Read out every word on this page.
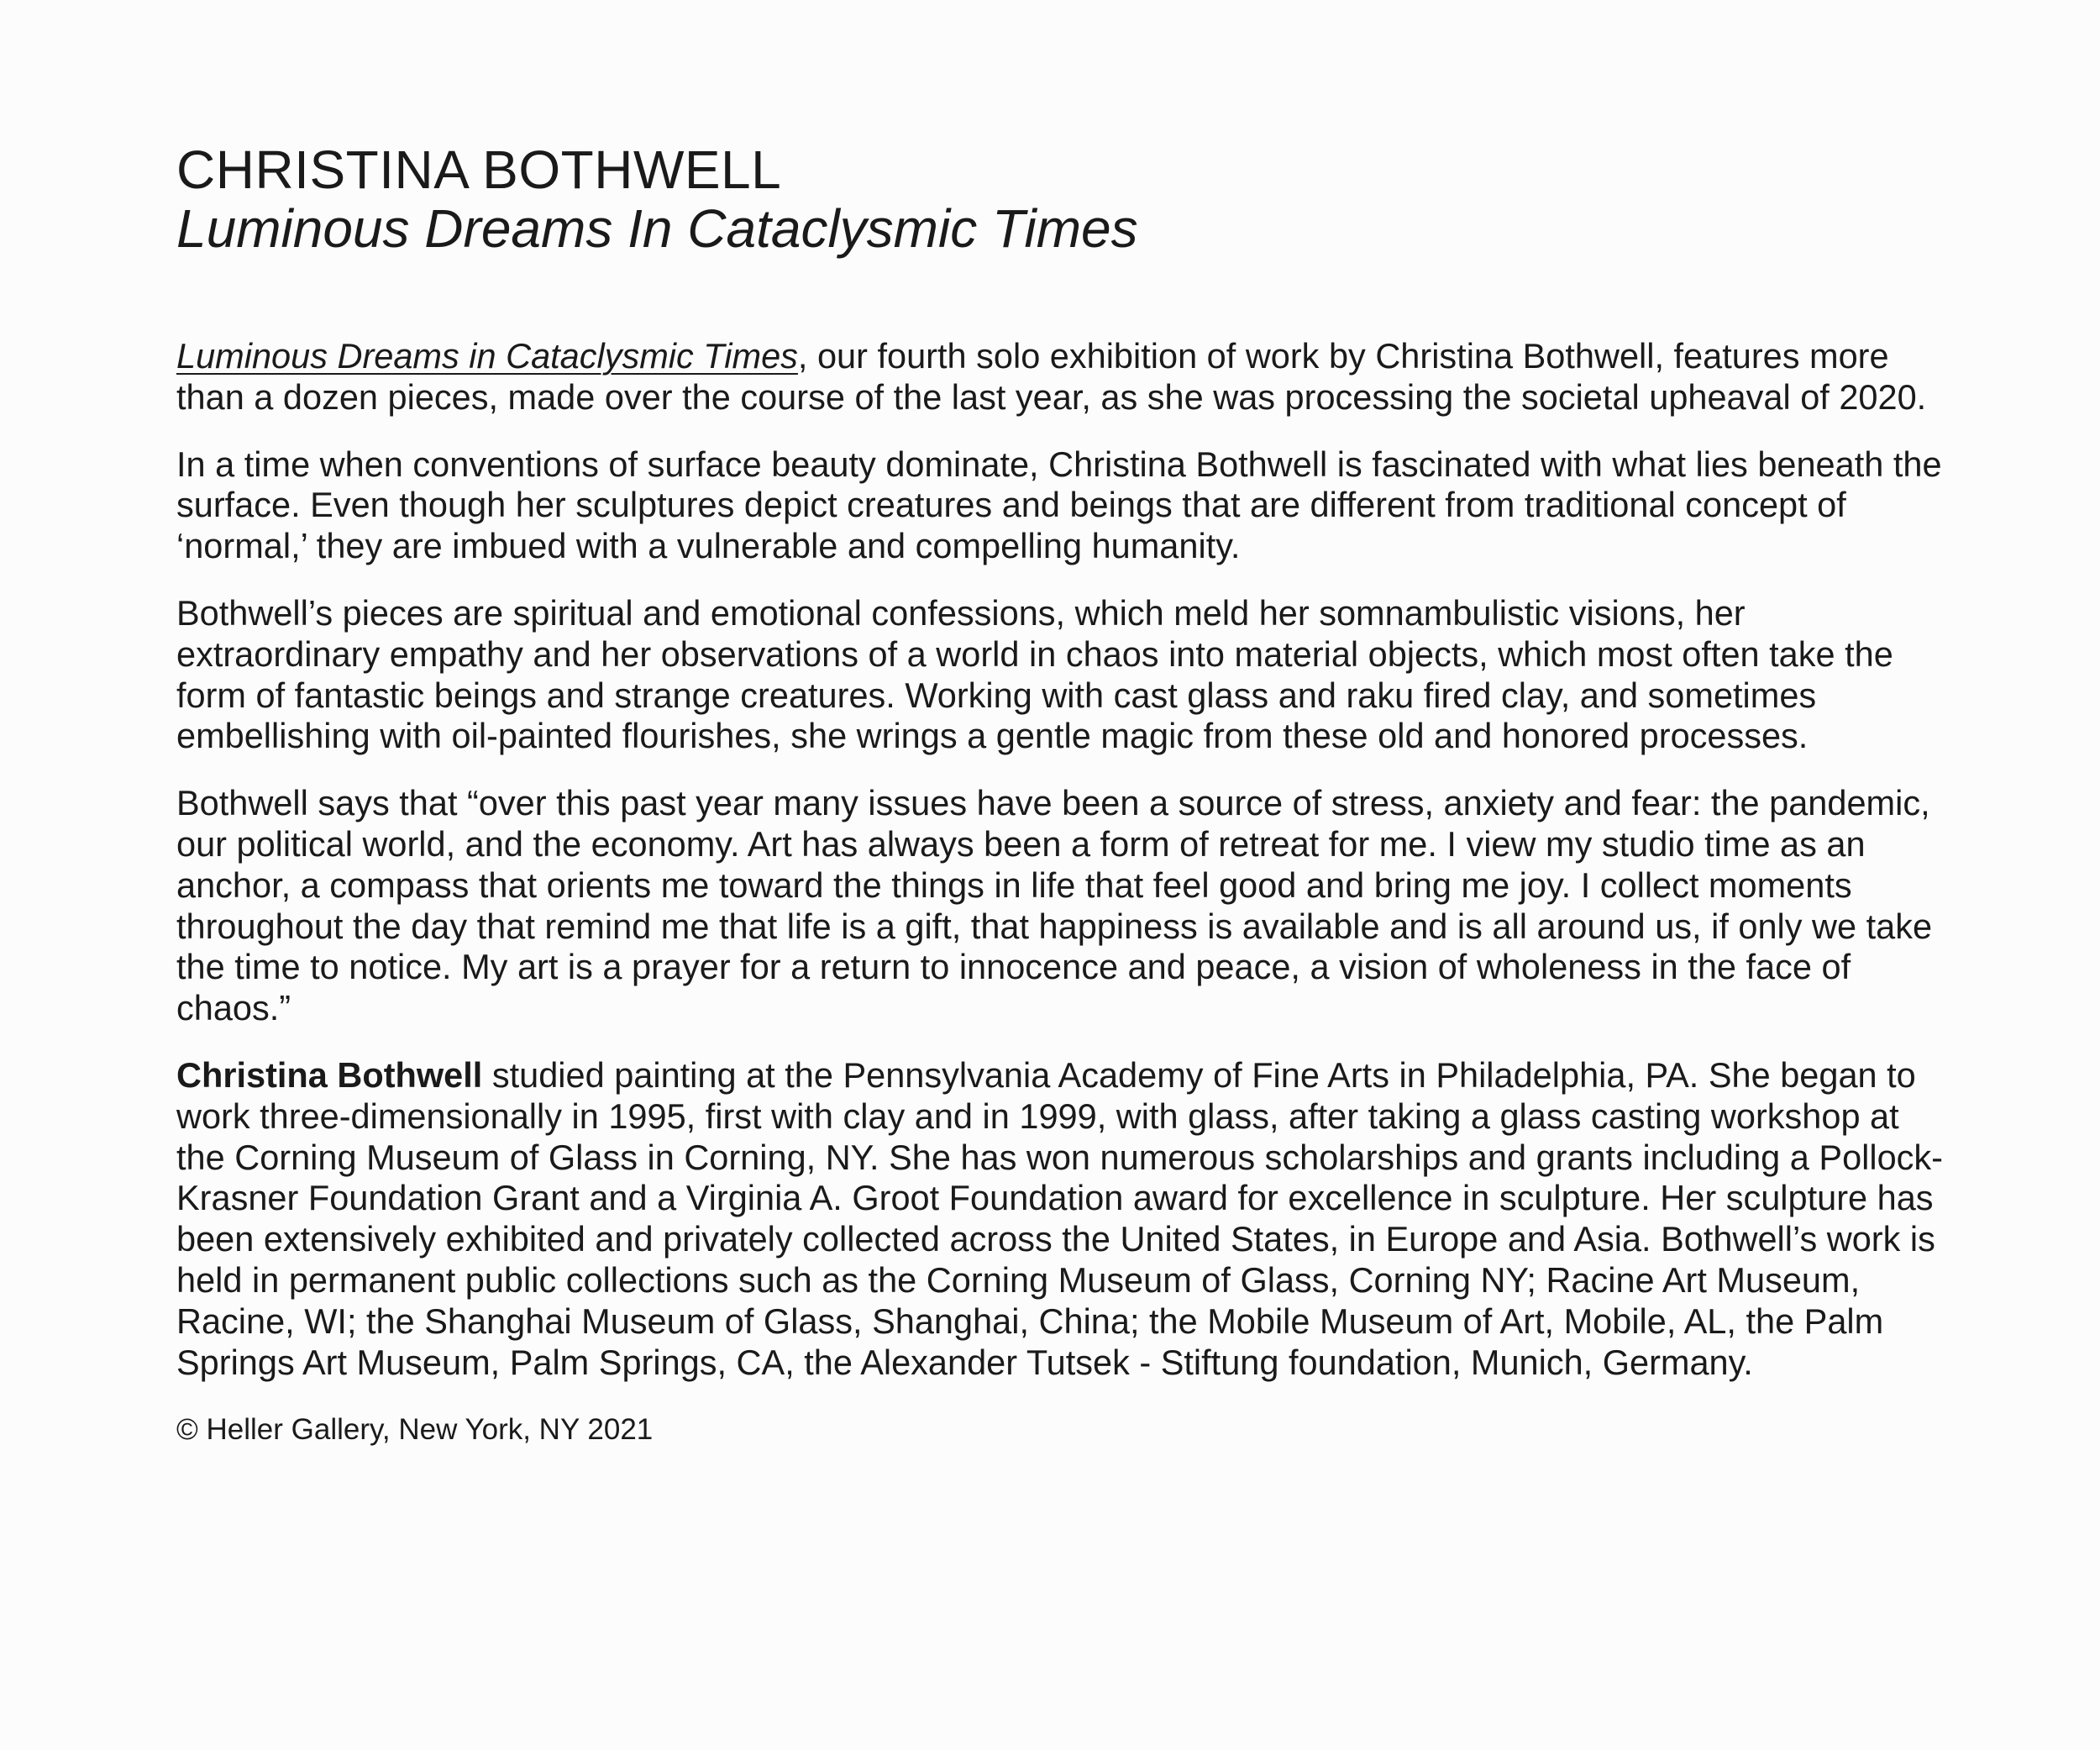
CHRISTINA BOTHWELL
Luminous Dreams In Cataclysmic Times

Luminous Dreams in Cataclysmic Times, our fourth solo exhibition of work by Christina Bothwell, features more than a dozen pieces, made over the course of the last year, as she was processing the societal upheaval of 2020.

In a time when conventions of surface beauty dominate, Christina Bothwell is fascinated with what lies beneath the surface. Even though her sculptures depict creatures and beings that are different from traditional concept of ‘normal,’ they are imbued with a vulnerable and compelling humanity.

Bothwell’s pieces are spiritual and emotional confessions, which meld her somnambulistic visions, her extraordinary empathy and her observations of a world in chaos into material objects, which most often take the form of fantastic beings and strange creatures. Working with cast glass and raku fired clay, and sometimes embellishing with oil-painted flourishes, she wrings a gentle magic from these old and honored processes.

Bothwell says that “over this past year many issues have been a source of stress, anxiety and fear: the pandemic, our political world, and the economy. Art has always been a form of retreat for me. I view my studio time as an anchor, a compass that orients me toward the things in life that feel good and bring me joy. I collect moments throughout the day that remind me that life is a gift, that happiness is available and is all around us, if only we take the time to notice. My art is a prayer for a return to innocence and peace, a vision of wholeness in the face of chaos.”

Christina Bothwell studied painting at the Pennsylvania Academy of Fine Arts in Philadelphia, PA. She began to work three-dimensionally in 1995, first with clay and in 1999, with glass, after taking a glass casting workshop at the Corning Museum of Glass in Corning, NY. She has won numerous scholarships and grants including a Pollock-Krasner Foundation Grant and a Virginia A. Groot Foundation award for excellence in sculpture. Her sculpture has been extensively exhibited and privately collected across the United States, in Europe and Asia. Bothwell’s work is held in permanent public collections such as the Corning Museum of Glass, Corning NY; Racine Art Museum, Racine, WI; the Shanghai Museum of Glass, Shanghai, China; the Mobile Museum of Art, Mobile, AL, the Palm Springs Art Museum, Palm Springs, CA, the Alexander Tutsek - Stiftung foundation, Munich, Germany.

© Heller Gallery, New York, NY 2021
